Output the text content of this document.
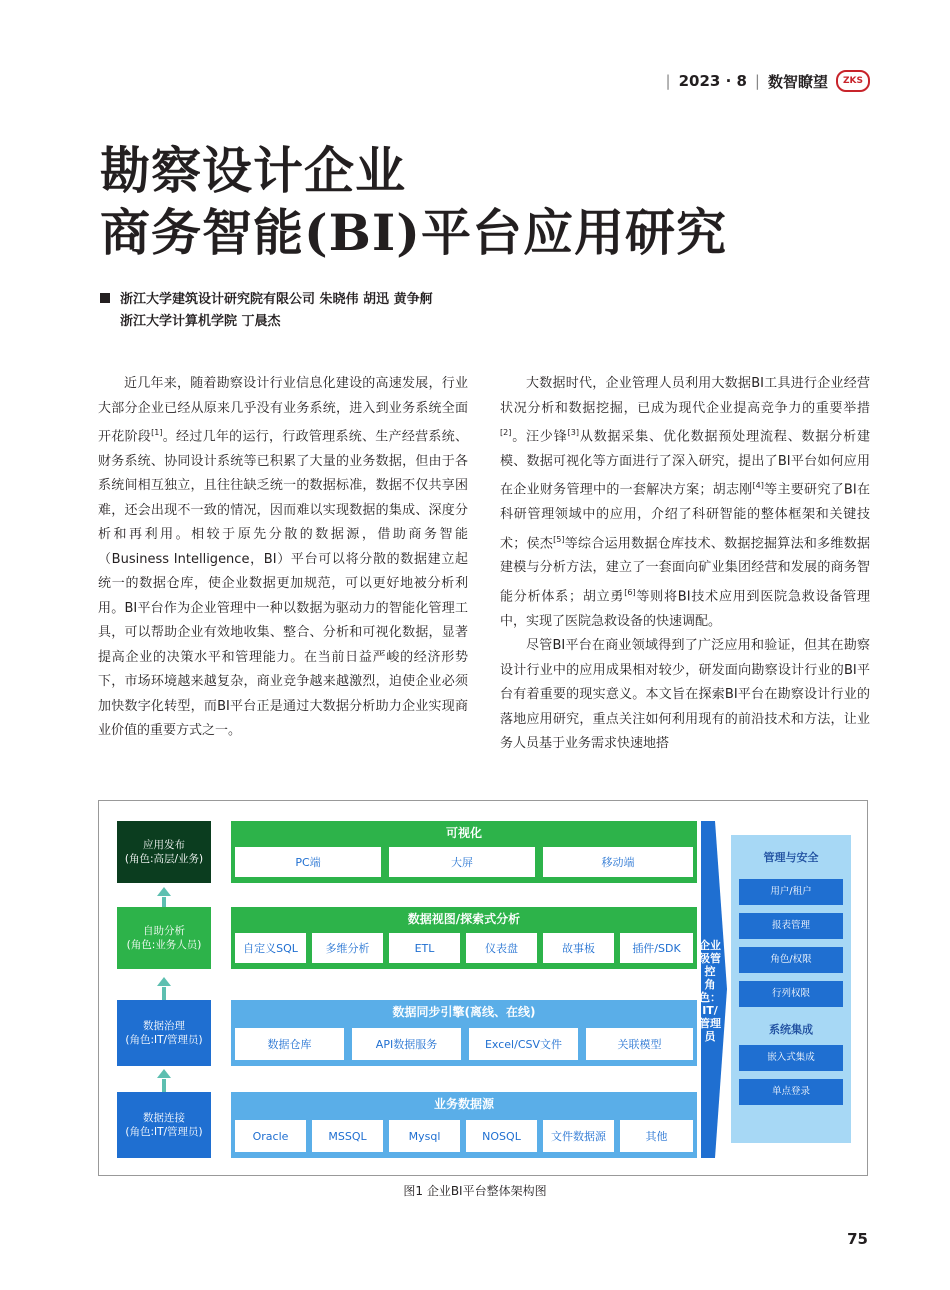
| 2023 · 8 | 数智瞭望	ZKS
勘察设计企业
商务智能(BI)平台应用研究
浙江大学建筑设计研究院有限公司 朱晓伟 胡迅 黄争舸
浙江大学计算机学院 丁晨杰

近几年来，随着勘察设计行业信息化建设的高速发展，行业大部分企业已经从原来几乎没有业务系统，进入到业务系统全面开花阶段[1]。经过几年的运行，行政管理系统、生产经营系统、财务系统、协同设计系统等已积累了大量的业务数据，但由于各系统间相互独立，且往往缺乏统一的数据标准，数据不仅共享困难，还会出现不一致的情况，因而难以实现数据的集成、深度分析和再利用。相较于原先分散的数据源，借助商务智能（Business Intelligence，BI）平台可以将分散的数据建立起统一的数据仓库，使企业数据更加规范，可以更好地被分析利用。BI平台作为企业管理中一种以数据为驱动力的智能化管理工具，可以帮助企业有效地收集、整合、分析和可视化数据，显著提高企业的决策水平和管理能力。在当前日益严峻的经济形势下，市场环境越来越复杂，商业竞争越来越激烈，迫使企业必须加快数字化转型，而BI平台正是通过大数据分析助力企业实现商业价值的重要方式之一。

大数据时代，企业管理人员利用大数据BI工具进行企业经营状况分析和数据挖掘，已成为现代企业提高竞争力的重要举措[2]。汪少锋[3]从数据采集、优化数据预处理流程、数据分析建模、数据可视化等方面进行了深入研究，提出了BI平台如何应用在企业财务管理中的一套解决方案；胡志刚[4]等主要研究了BI在科研管理领域中的应用，介绍了科研智能的整体框架和关键技术；侯杰[5]等综合运用数据仓库技术、数据挖掘算法和多维数据建模与分析方法，建立了一套面向矿业集团经营和发展的商务智能分析体系；胡立勇[6]等则将BI技术应用到医院急救设备管理中，实现了医院急救设备的快速调配。

尽管BI平台在商业领域得到了广泛应用和验证，但其在勘察设计行业中的应用成果相对较少，研发面向勘察设计行业的BI平台有着重要的现实意义。本文旨在探索BI平台在勘察设计行业的落地应用研究，重点关注如何利用现有的前沿技术和方法，让业务人员基于业务需求快速地搭

应用发布
(角色:高层/业务)
自助分析
(角色:业务人员)
数据治理
(角色:IT/管理员)
数据连接
(角色:IT/管理员)
可视化
PC端	大屏	移动端
数据视图/探索式分析
自定义SQL	多维分析	ETL	仪表盘	故事板	插件/SDK
数据同步引擎(离线、在线)
数据仓库	API数据服务	Excel/CSV文件	关联模型
业务数据源
Oracle	MSSQL	Mysql	NOSQL	文件数据源	其他
企业级管控 角色：IT/管理员
管理与安全
用户/租户
报表管理
角色/权限
行列权限
系统集成
嵌入式集成
单点登录
图1 企业BI平台整体架构图
75
